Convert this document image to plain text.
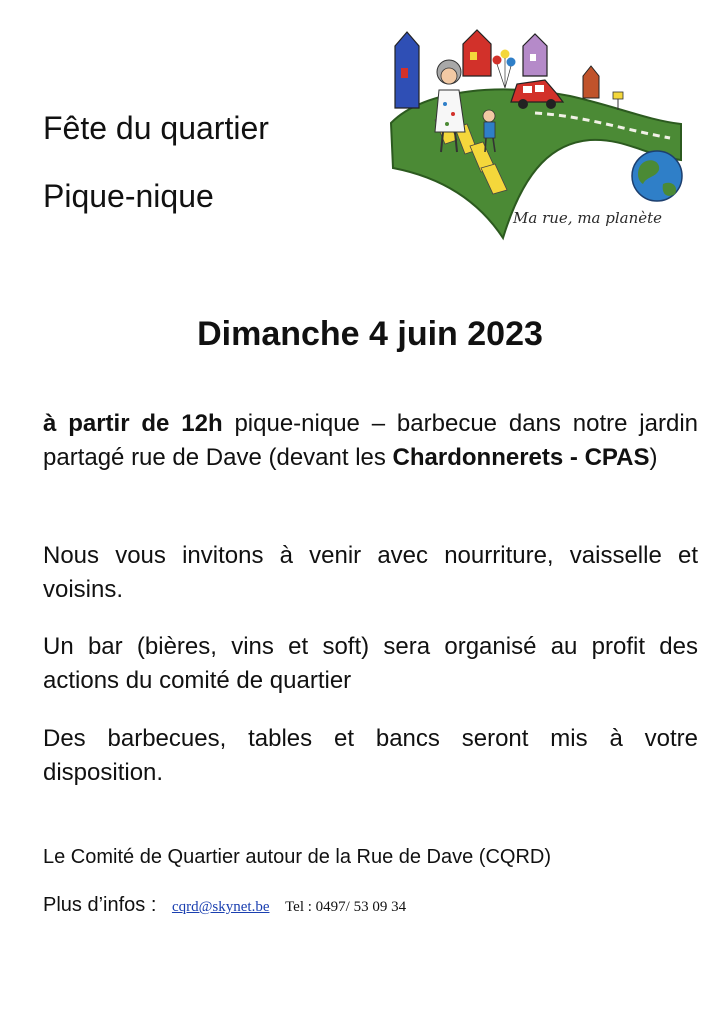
Fête du quartier
Pique-nique
Ma rue, ma planète
Dimanche 4 juin 2023
à partir de 12h pique-nique – barbecue dans notre jardin partagé rue de Dave (devant les Chardonnerets - CPAS)
Nous vous invitons à venir avec nourriture, vaisselle et voisins.
Un bar (bières, vins et soft) sera organisé au profit des actions du comité de quartier
Des barbecues, tables et bancs seront mis à votre disposition.
Le Comité de Quartier autour de la Rue de Dave (CQRD)
Plus d’infos : cqrd@skynet.be Tel : 0497/ 53 09 34
